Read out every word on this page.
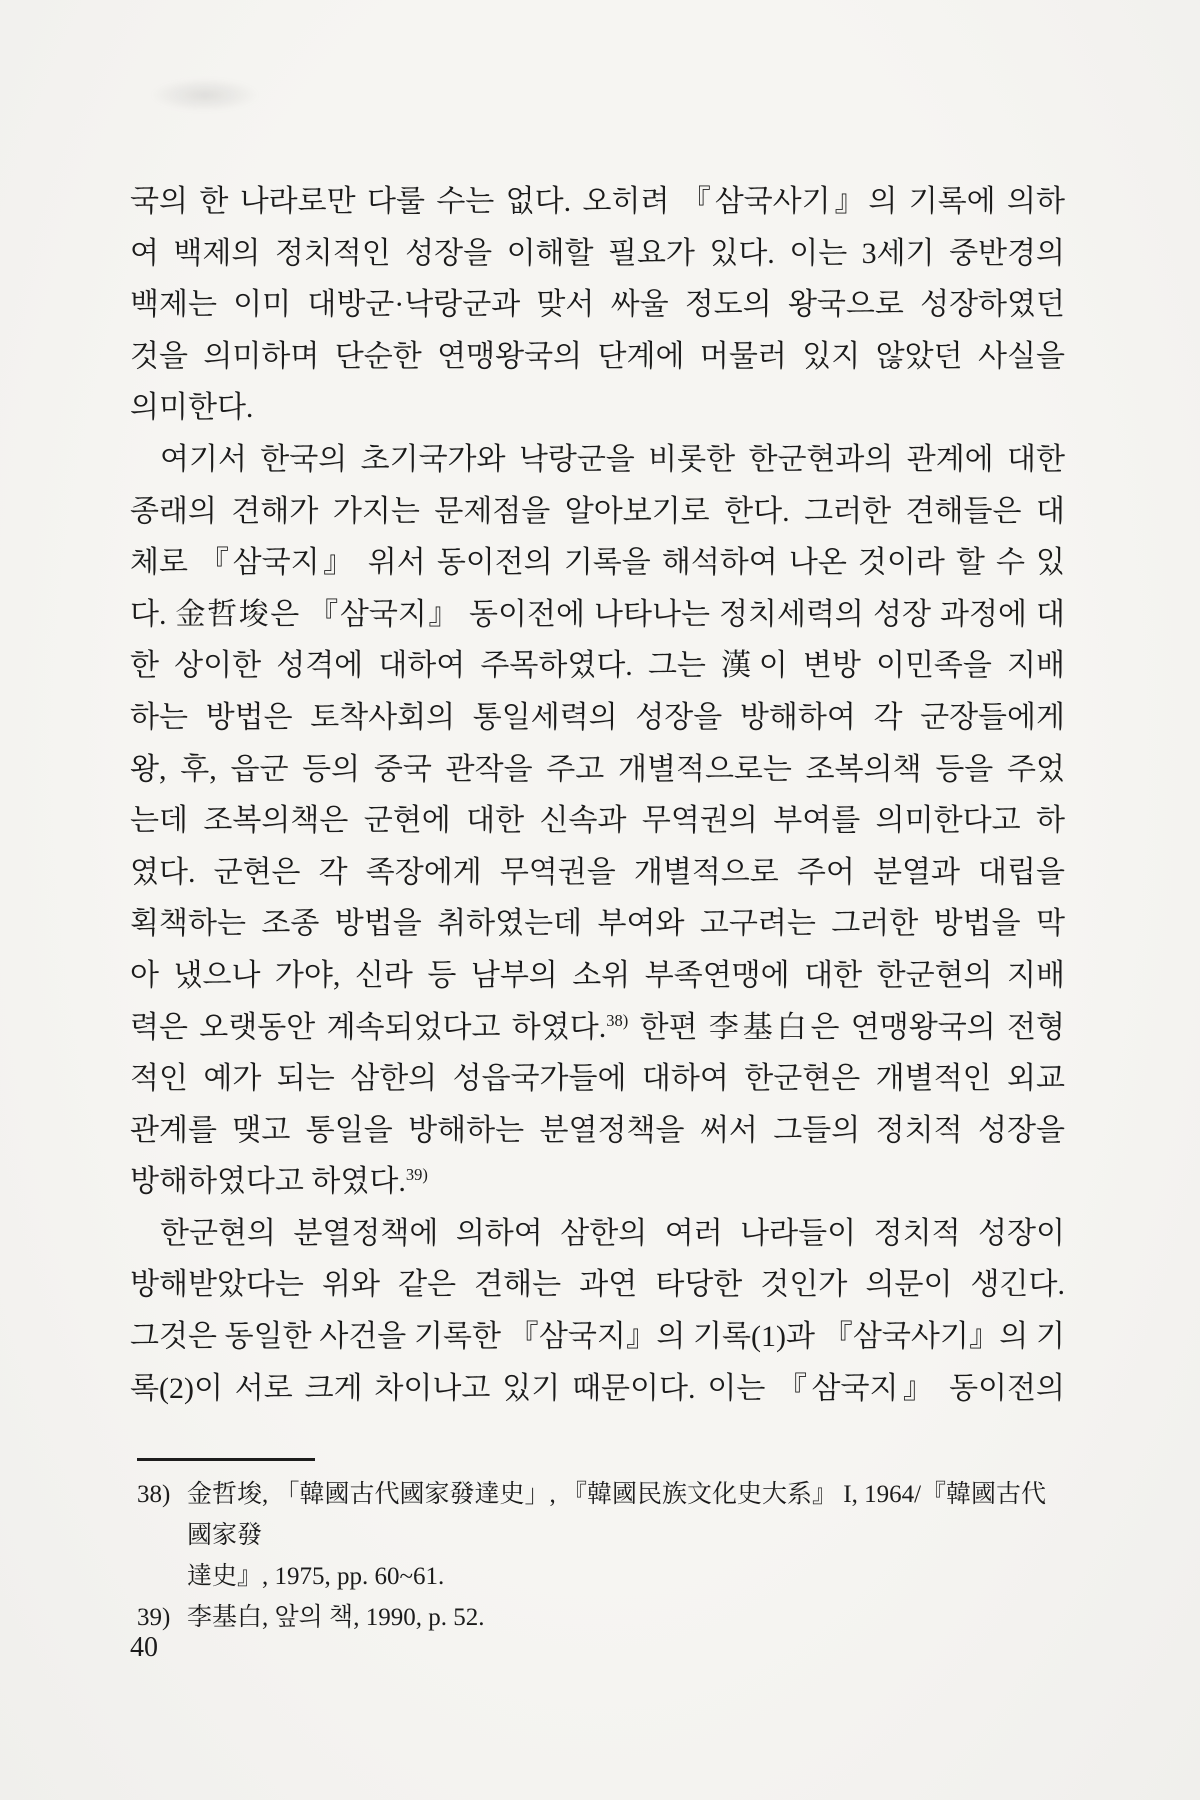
국의 한 나라로만 다룰 수는 없다. 오히려 『삼국사기』의 기록에 의하
여 백제의 정치적인 성장을 이해할 필요가 있다. 이는 3세기 중반경의
백제는 이미 대방군·낙랑군과 맞서 싸울 정도의 왕국으로 성장하였던
것을 의미하며 단순한 연맹왕국의 단계에 머물러 있지 않았던 사실을
의미한다.
여기서 한국의 초기국가와 낙랑군을 비롯한 한군현과의 관계에 대한
종래의 견해가 가지는 문제점을 알아보기로 한다. 그러한 견해들은 대
체로 『삼국지』 위서 동이전의 기록을 해석하여 나온 것이라 할 수 있
다. 金哲埈은 『삼국지』 동이전에 나타나는 정치세력의 성장 과정에 대
한 상이한 성격에 대하여 주목하였다. 그는 漢이 변방 이민족을 지배
하는 방법은 토착사회의 통일세력의 성장을 방해하여 각 군장들에게
왕, 후, 읍군 등의 중국 관작을 주고 개별적으로는 조복의책 등을 주었
는데 조복의책은 군현에 대한 신속과 무역권의 부여를 의미한다고 하
였다. 군현은 각 족장에게 무역권을 개별적으로 주어 분열과 대립을
획책하는 조종 방법을 취하였는데 부여와 고구려는 그러한 방법을 막
아 냈으나 가야, 신라 등 남부의 소위 부족연맹에 대한 한군현의 지배
력은 오랫동안 계속되었다고 하였다.$^{38)}$ 한편 李基白은 연맹왕국의 전형
적인 예가 되는 삼한의 성읍국가들에 대하여 한군현은 개별적인 외교
관계를 맺고 통일을 방해하는 분열정책을 써서 그들의 정치적 성장을
방해하였다고 하였다.$^{39)}$
한군현의 분열정책에 의하여 삼한의 여러 나라들이 정치적 성장이
방해받았다는 위와 같은 견해는 과연 타당한 것인가 의문이 생긴다.
그것은 동일한 사건을 기록한 『삼국지』의 기록(1)과 『삼국사기』의 기
록(2)이 서로 크게 차이나고 있기 때문이다. 이는 『삼국지』 동이전의
38) 金哲埈, 「韓國古代國家發達史」, 『韓國民族文化史大系』 I, 1964/『韓國古代國家發
達史』, 1975, pp. 60~61.
39) 李基白, 앞의 책, 1990, p. 52.
40
